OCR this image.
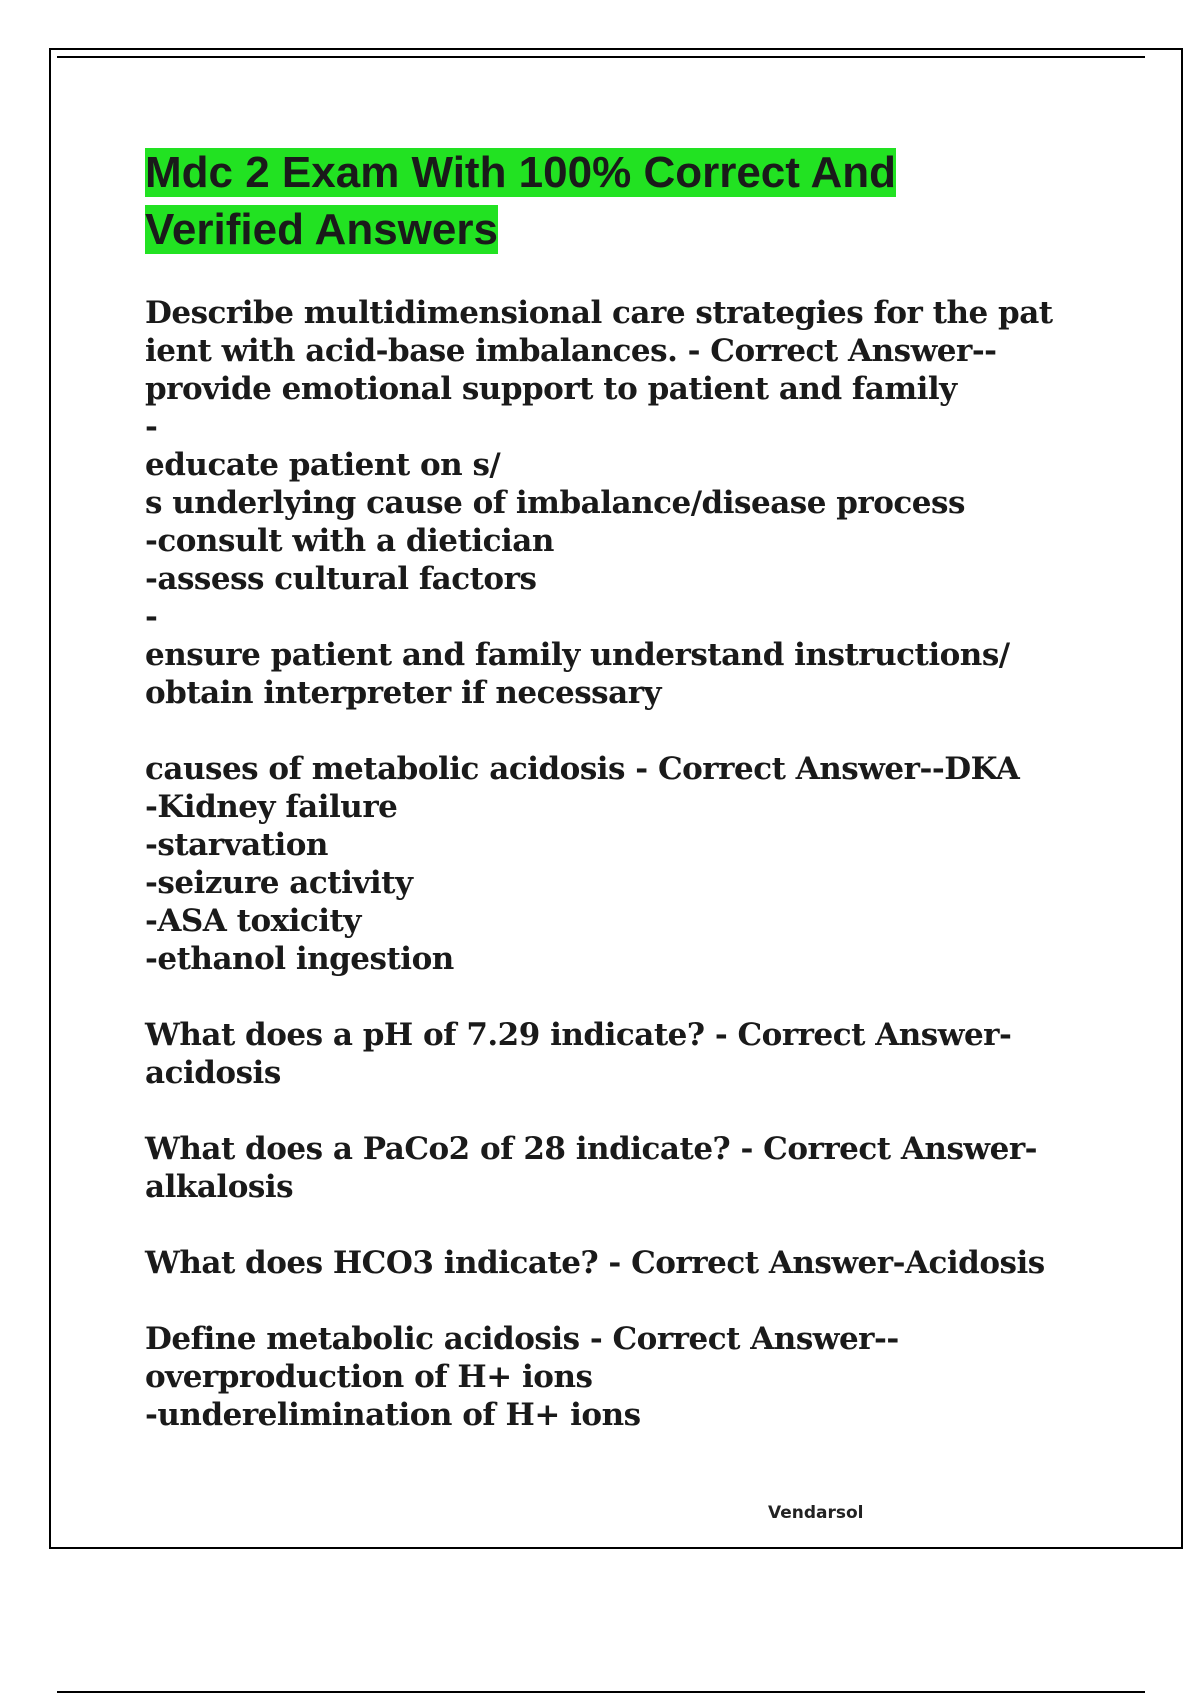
Mdc 2 Exam With 100% Correct And Verified Answers

Describe multidimensional care strategies for the pat
ient with acid-base imbalances. - Correct Answer--
provide emotional support to patient and family
-
educate patient on s/
s underlying cause of imbalance/disease process
-consult with a dietician
-assess cultural factors
-
ensure patient and family understand instructions/
obtain interpreter if necessary

causes of metabolic acidosis - Correct Answer--DKA
-Kidney failure
-starvation
-seizure activity
-ASA toxicity
-ethanol ingestion

What does a pH of 7.29 indicate? - Correct Answer-
acidosis

What does a PaCo2 of 28 indicate? - Correct Answer-
alkalosis

What does HCO3 indicate? - Correct Answer-Acidosis

Define metabolic acidosis - Correct Answer--
overproduction of H+ ions
-underelimination of H+ ions

Vendarsol
